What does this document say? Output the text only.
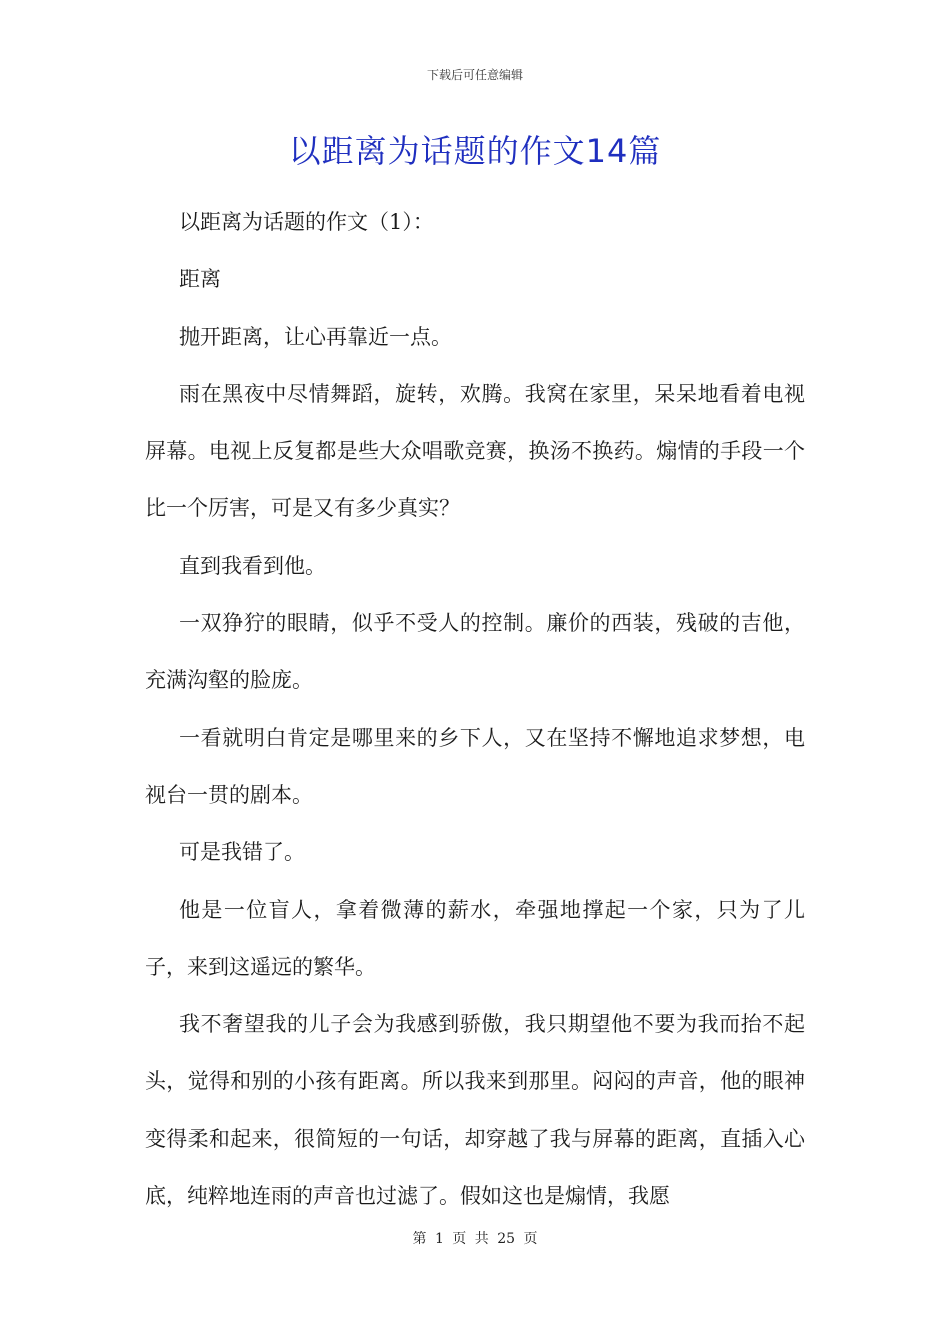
下载后可任意编辑
以距离为话题的作文14篇

以距离为话题的作文（1）：

距离

抛开距离，让心再靠近一点。

雨在黑夜中尽情舞蹈，旋转，欢腾。我窝在家里，呆呆地看着电视屏幕。电视上反复都是些大众唱歌竞赛，换汤不换药。煽情的手段一个比一个厉害，可是又有多少真实？

直到我看到他。

一双狰狞的眼睛，似乎不受人的控制。廉价的西装，残破的吉他，充满沟壑的脸庞。

一看就明白肯定是哪里来的乡下人，又在坚持不懈地追求梦想，电视台一贯的剧本。

可是我错了。

他是一位盲人，拿着微薄的薪水，牵强地撑起一个家，只为了儿子，来到这遥远的繁华。

我不奢望我的儿子会为我感到骄傲，我只期望他不要为我而抬不起头，觉得和别的小孩有距离。所以我来到那里。闷闷的声音，他的眼神变得柔和起来，很简短的一句话，却穿越了我与屏幕的距离，直插入心底，纯粹地连雨的声音也过滤了。假如这也是煽情，我愿

第 1 页 共 25 页
